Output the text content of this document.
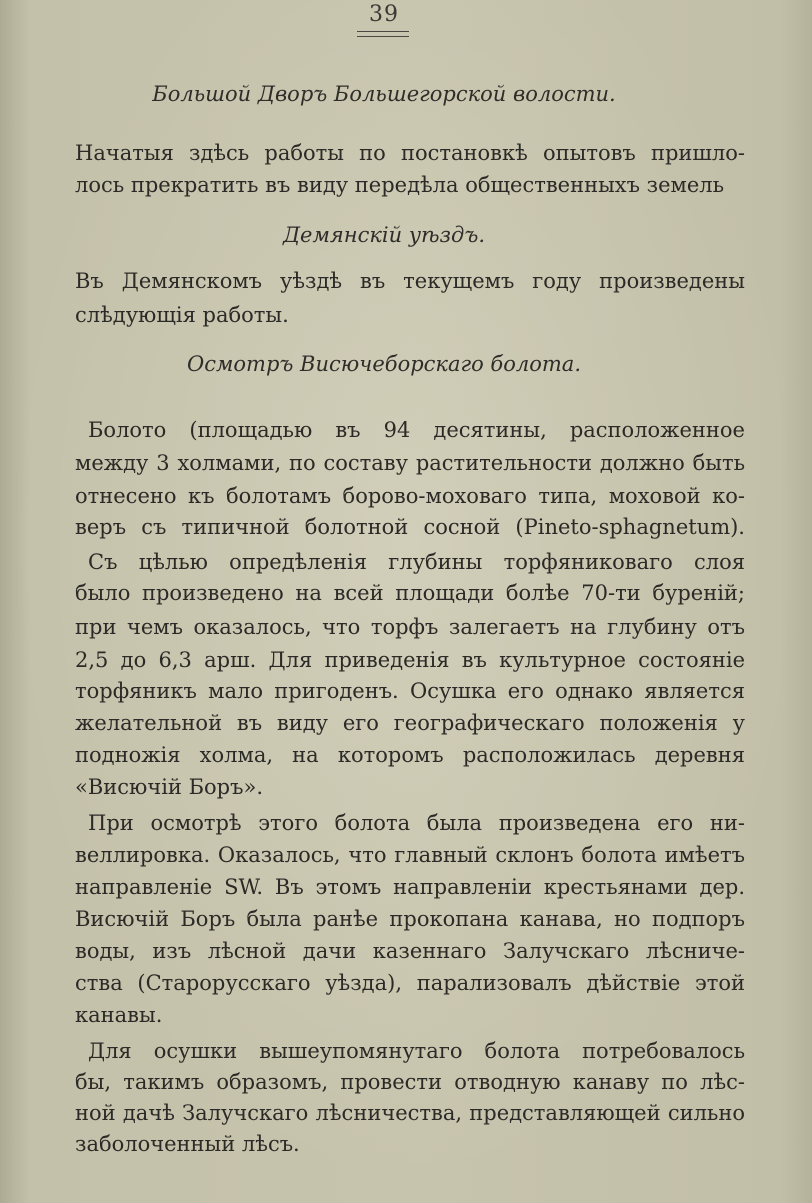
39
Большой Дворъ Большегорской волости.
Начатыя здѣсь работы по постановкѣ опытовъ пришло-
лось прекратить въ виду передѣла общественныхъ земель
Демянскій уѣздъ.
Въ Демянскомъ уѣздѣ въ текущемъ году произведены
слѣдующія работы.
Осмотръ Висючеборскаго болота.
Болото (площадью въ 94 десятины, расположенное
между 3 холмами, по составу растительности должно быть
отнесено къ болотамъ борово-моховаго типа, моховой ко-
веръ съ типичной болотной сосной (Pineto-sphagnetum).
Съ цѣлью опредѣленія глубины торфяниковаго слоя
было произведено на всей площади болѣе 70-ти буреній;
при чемъ оказалось, что торфъ залегаетъ на глубину отъ
2,5 до 6,3 арш. Для приведенія въ культурное состояніе
торфяникъ мало пригоденъ. Осушка его однако является
желательной въ виду его географическаго положенія у
подножія холма, на которомъ расположилась деревня
«Висючій Боръ».
При осмотрѣ этого болота была произведена его ни-
веллировка. Оказалось, что главный склонъ болота имѣетъ
направленіе SW. Въ этомъ направленіи крестьянами дер.
Висючій Боръ была ранѣе прокопана канава, но подпоръ
воды, изъ лѣсной дачи казеннаго Залучскаго лѣсниче-
ства (Старорусскаго уѣзда), парализовалъ дѣйствіе этой
канавы.
Для осушки вышеупомянутаго болота потребовалось
бы, такимъ образомъ, провести отводную канаву по лѣс-
ной дачѣ Залучскаго лѣсничества, представляющей сильно
заболоченный лѣсъ.
